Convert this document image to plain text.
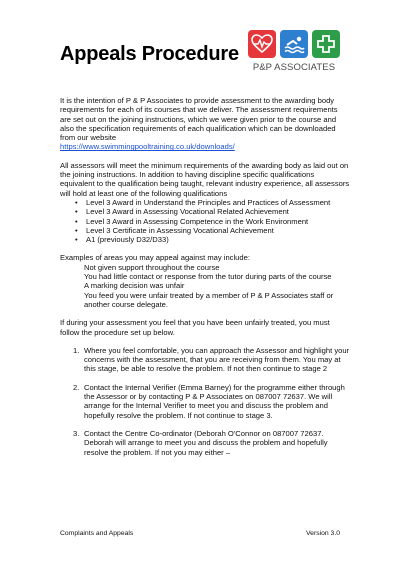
Appeals Procedure
P&P ASSOCIATES

It is the intention of P & P Associates to provide assessment to the awarding body requirements for each of its courses that we deliver. The assessment requirements are set out on the joining instructions, which we were given prior to the course and also the specification requirements of each qualification which can be downloaded from our website
https://www.swimmingpooltraining.co.uk/downloads/

All assessors will meet the minimum requirements of the awarding body as laid out on the joining instructions. In addition to having discipline specific qualifications equivalent to the qualification being taught, relevant industry experience, all assessors will hold at least one of the following qualifications

• Level 3 Award in Understand the Principles and Practices of Assessment
• Level 3 Award in Assessing Vocational Related Achievement
• Level 3 Award in Assessing Competence in the Work Environment
• Level 3 Certificate in Assessing Vocational Achievement
• A1 (previously D32/D33)

Examples of areas you may appeal against may include:

Not given support throughout the course

You had little contact or response from the tutor during parts of the course

A marking decision was unfair

You feed you were unfair treated by a member of P & P Associates staff or another course delegate.

If during your assessment you feel that you have been unfairly treated, you must follow the procedure set up below.

1. Where you feel comfortable, you can approach the Assessor and highlight your concerns with the assessment, that you are receiving from them. You may at this stage, be able to resolve the problem. If not then continue to stage 2
2. Contact the Internal Verifier (Emma Barney) for the programme either through the Assessor or by contacting P & P Associates on 087007 72637. We will arrange for the Internal Verifier to meet you and discuss the problem and hopefully resolve the problem. If not continue to stage 3.
3. Contact the Centre Co-ordinator (Deborah O'Connor on 087007 72637. Deborah will arrange to meet you and discuss the problem and hopefully resolve the problem. If not you may either –
Complaints and Appeals	Version 3.0
